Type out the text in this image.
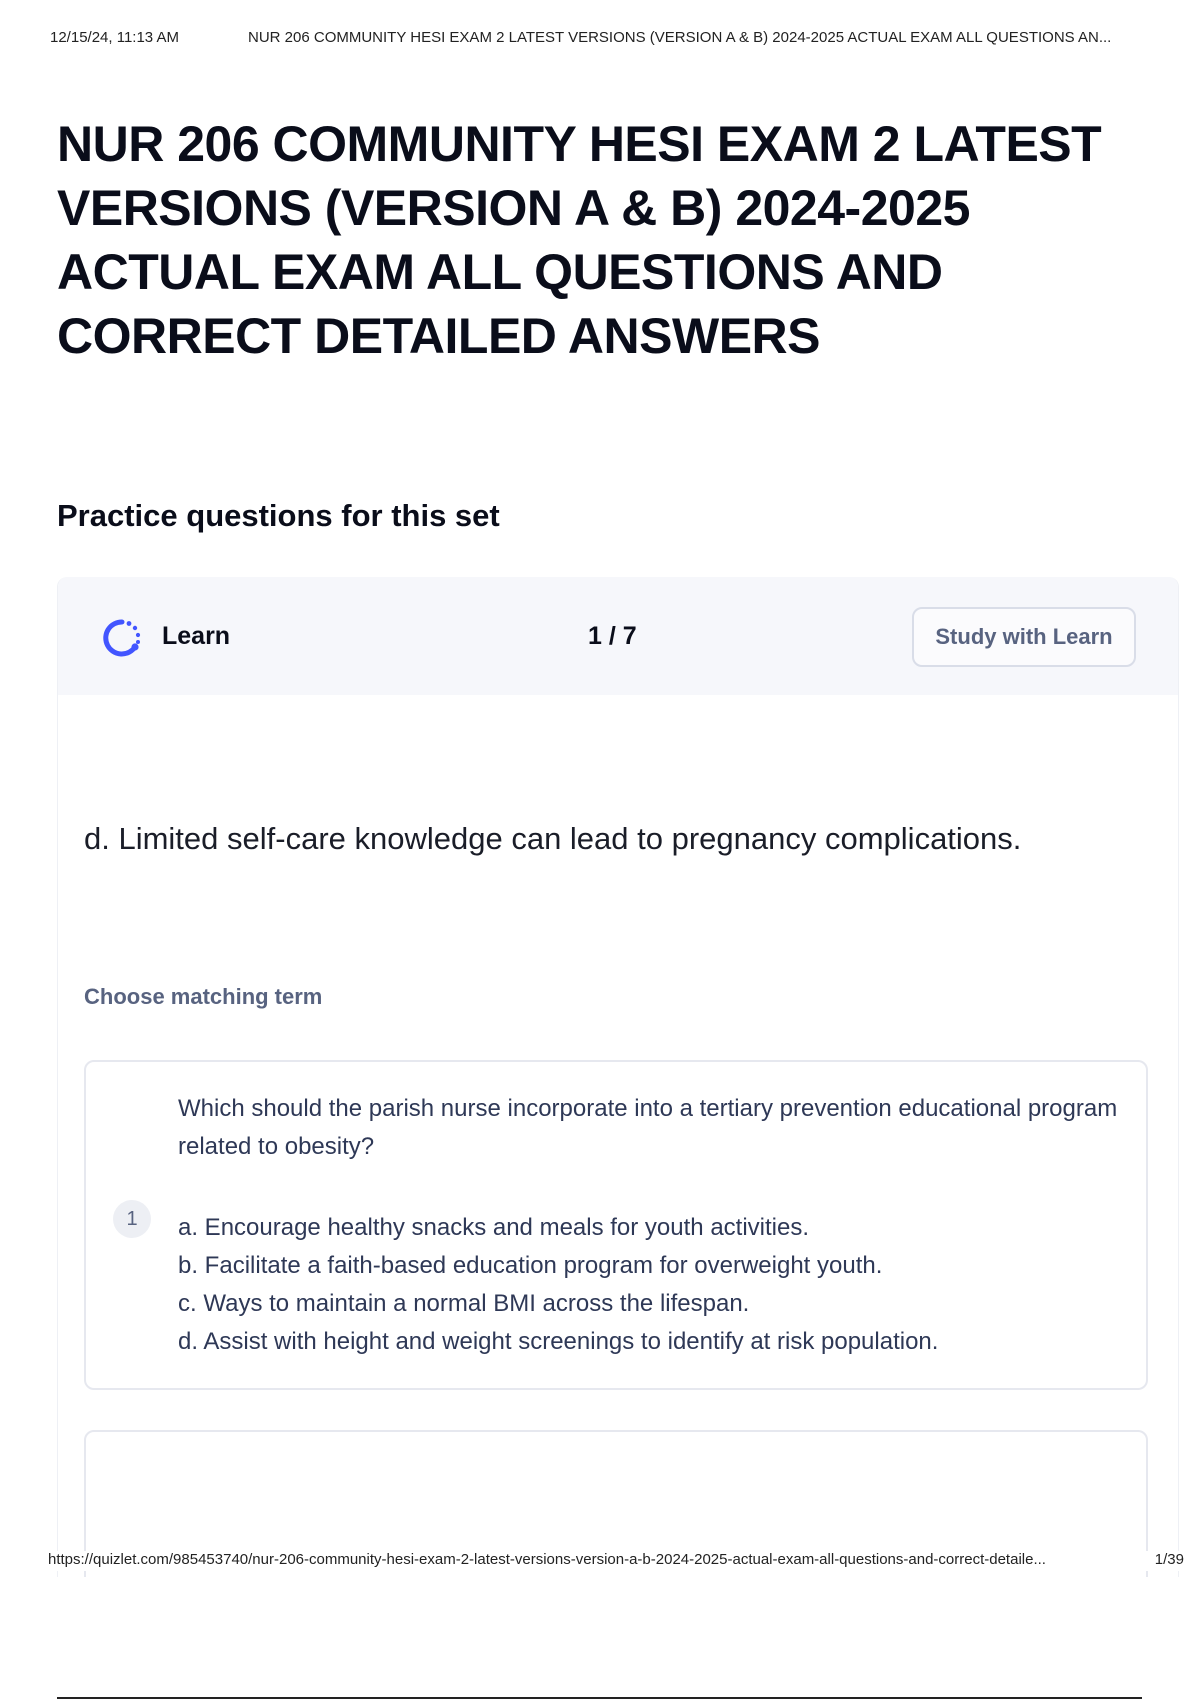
12/15/24, 11:13 AM	NUR 206 COMMUNITY HESI EXAM 2 LATEST VERSIONS (VERSION A & B) 2024-2025 ACTUAL EXAM ALL QUESTIONS AN...
NUR 206 COMMUNITY HESI EXAM 2 LATEST VERSIONS (VERSION A & B) 2024-2025 ACTUAL EXAM ALL QUESTIONS AND CORRECT DETAILED ANSWERS
Practice questions for this set
Learn	1 / 7	Study with Learn
d. Limited self-care knowledge can lead to pregnancy complications.
Choose matching term
1
Which should the parish nurse incorporate into a tertiary prevention educational program related to obesity?
a. Encourage healthy snacks and meals for youth activities.
b. Facilitate a faith-based education program for overweight youth.
c. Ways to maintain a normal BMI across the lifespan.
d. Assist with height and weight screenings to identify at risk population.
https://quizlet.com/985453740/nur-206-community-hesi-exam-2-latest-versions-version-a-b-2024-2025-actual-exam-all-questions-and-correct-detaile...	1/39
